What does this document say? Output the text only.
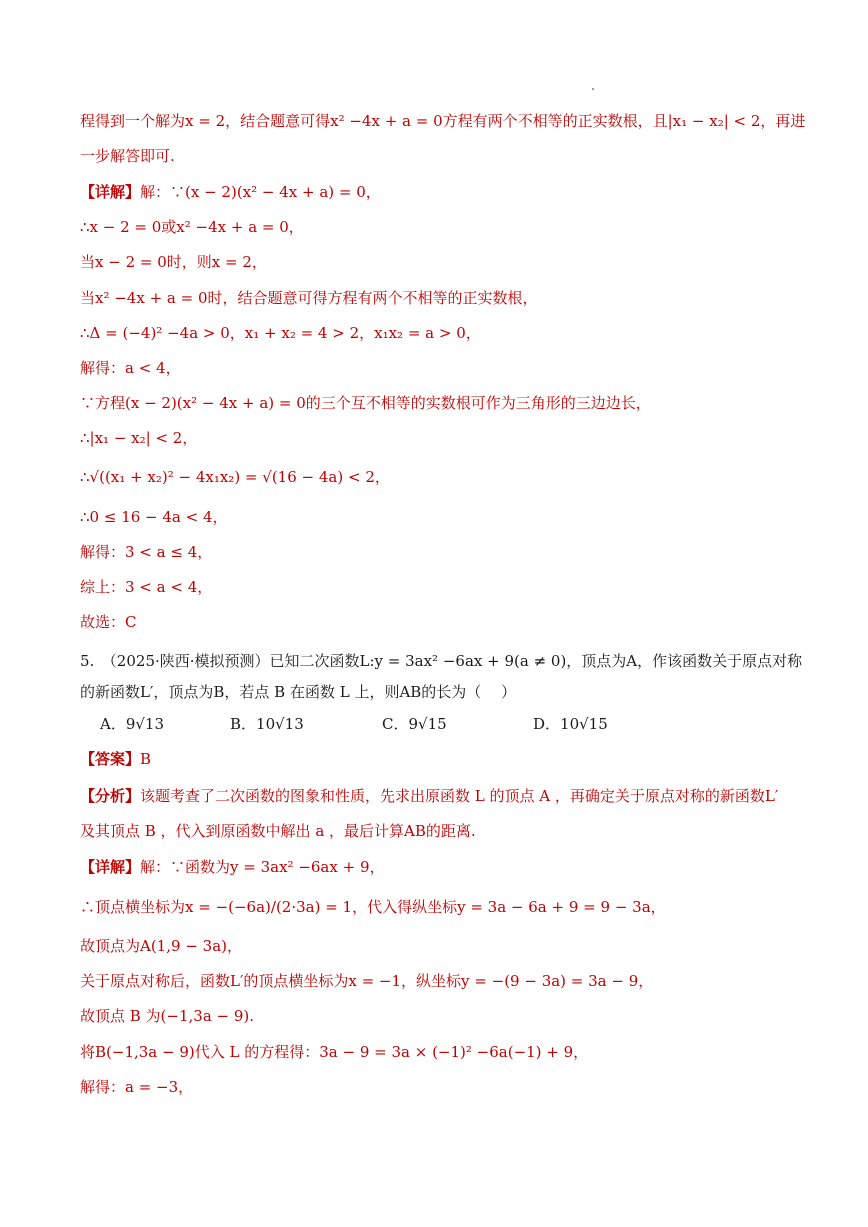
程得到一个解为x = 2，结合题意可得x² −4x + a = 0方程有两个不相等的正实数根，且|x₁ − x₂| < 2，再进
一步解答即可.
【详解】解：∵(x − 2)(x² − 4x + a) = 0，
∴x − 2 = 0或x² −4x + a = 0，
当x − 2 = 0时，则x = 2，
当x² −4x + a = 0时，结合题意可得方程有两个不相等的正实数根，
∴Δ = (−4)² −4a > 0，x₁ + x₂ = 4 > 2，x₁x₂ = a > 0，
解得：a < 4，
∵方程(x − 2)(x² − 4x + a) = 0的三个互不相等的实数根可作为三角形的三边边长，
∴|x₁ − x₂| < 2，
∴√((x₁ + x₂)² − 4x₁x₂) = √(16 − 4a) < 2，
∴0 ≤ 16 − 4a < 4，
解得：3 < a ≤ 4，
综上：3 < a < 4，
故选：C
5.　（2025·陕西·模拟预测）已知二次函数L:y = 3ax² −6ax + 9(a ≠ 0)，顶点为A，作该函数关于原点对称
的新函数L′，顶点为B，若点 B 在函数 L 上，则AB的长为（　 ）
A．9√13	B．10√13	C．9√15	D．10√15
【答案】B
【分析】该题考查了二次函数的图象和性质，先求出原函数 L 的顶点 A ，再确定关于原点对称的新函数L′
及其顶点 B ，代入到原函数中解出 a ，最后计算AB的距离.
【详解】解：∵函数为y = 3ax² −6ax + 9，
∴顶点横坐标为x = −(−6a)/(2·3a) = 1，代入得纵坐标y = 3a − 6a + 9 = 9 − 3a，
故顶点为A(1,9 − 3a)，
关于原点对称后，函数L′的顶点横坐标为x = −1，纵坐标y = −(9 − 3a) = 3a − 9，
故顶点 B 为(−1,3a − 9).
将B(−1,3a − 9)代入 L 的方程得：3a − 9 = 3a × (−1)² −6a(−1) + 9，
解得：a = −3，
